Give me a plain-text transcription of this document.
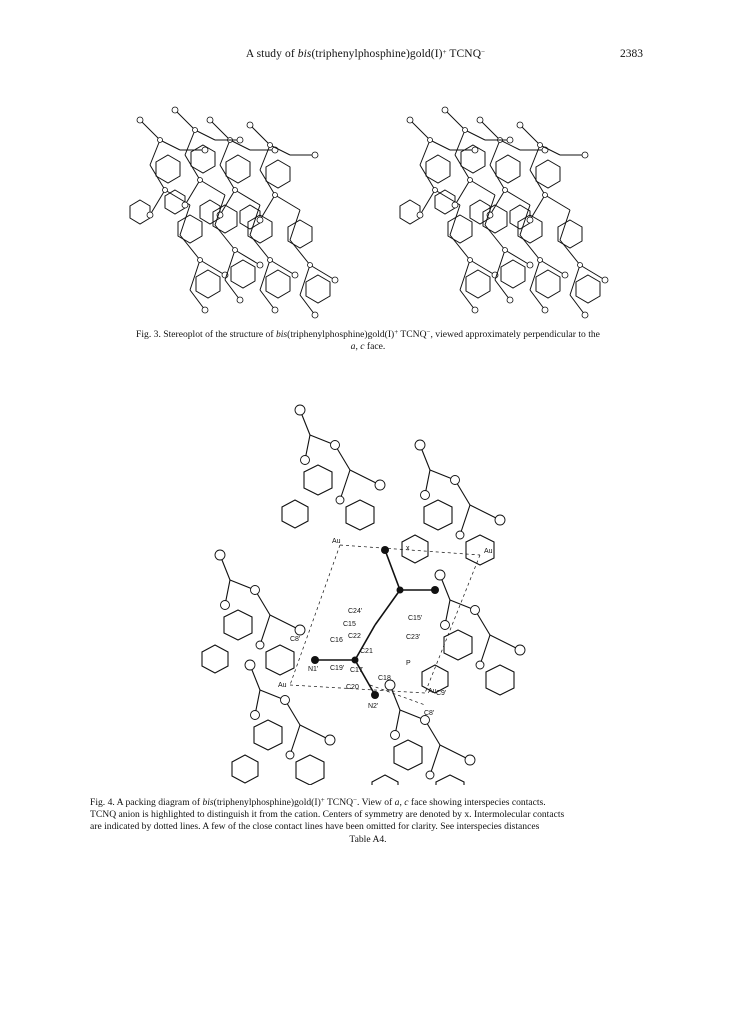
A study of bis(triphenylphosphine)gold(I)+ TCNQ−	2383
Fig. 3. Stereoplot of the structure of bis(triphenylphosphine)gold(I)+ TCNQ−, viewed approximately perpendicular to the
a, c face.
Au
Au
Au
Au
C24'
C15'
C15
C22	C23'
C16
C21
C17
C19'
C18
C20
N1'
N2'
C9'
C8'
C8'
P
x
Fig. 4. A packing diagram of bis(triphenylphosphine)gold(I)+ TCNQ−. View of a, c face showing interspecies contacts.
TCNQ anion is highlighted to distinguish it from the cation. Centers of symmetry are denoted by x. Intermolecular contacts
are indicated by dotted lines. A few of the close contact lines have been omitted for clarity. See interspecies distances
Table A4.
